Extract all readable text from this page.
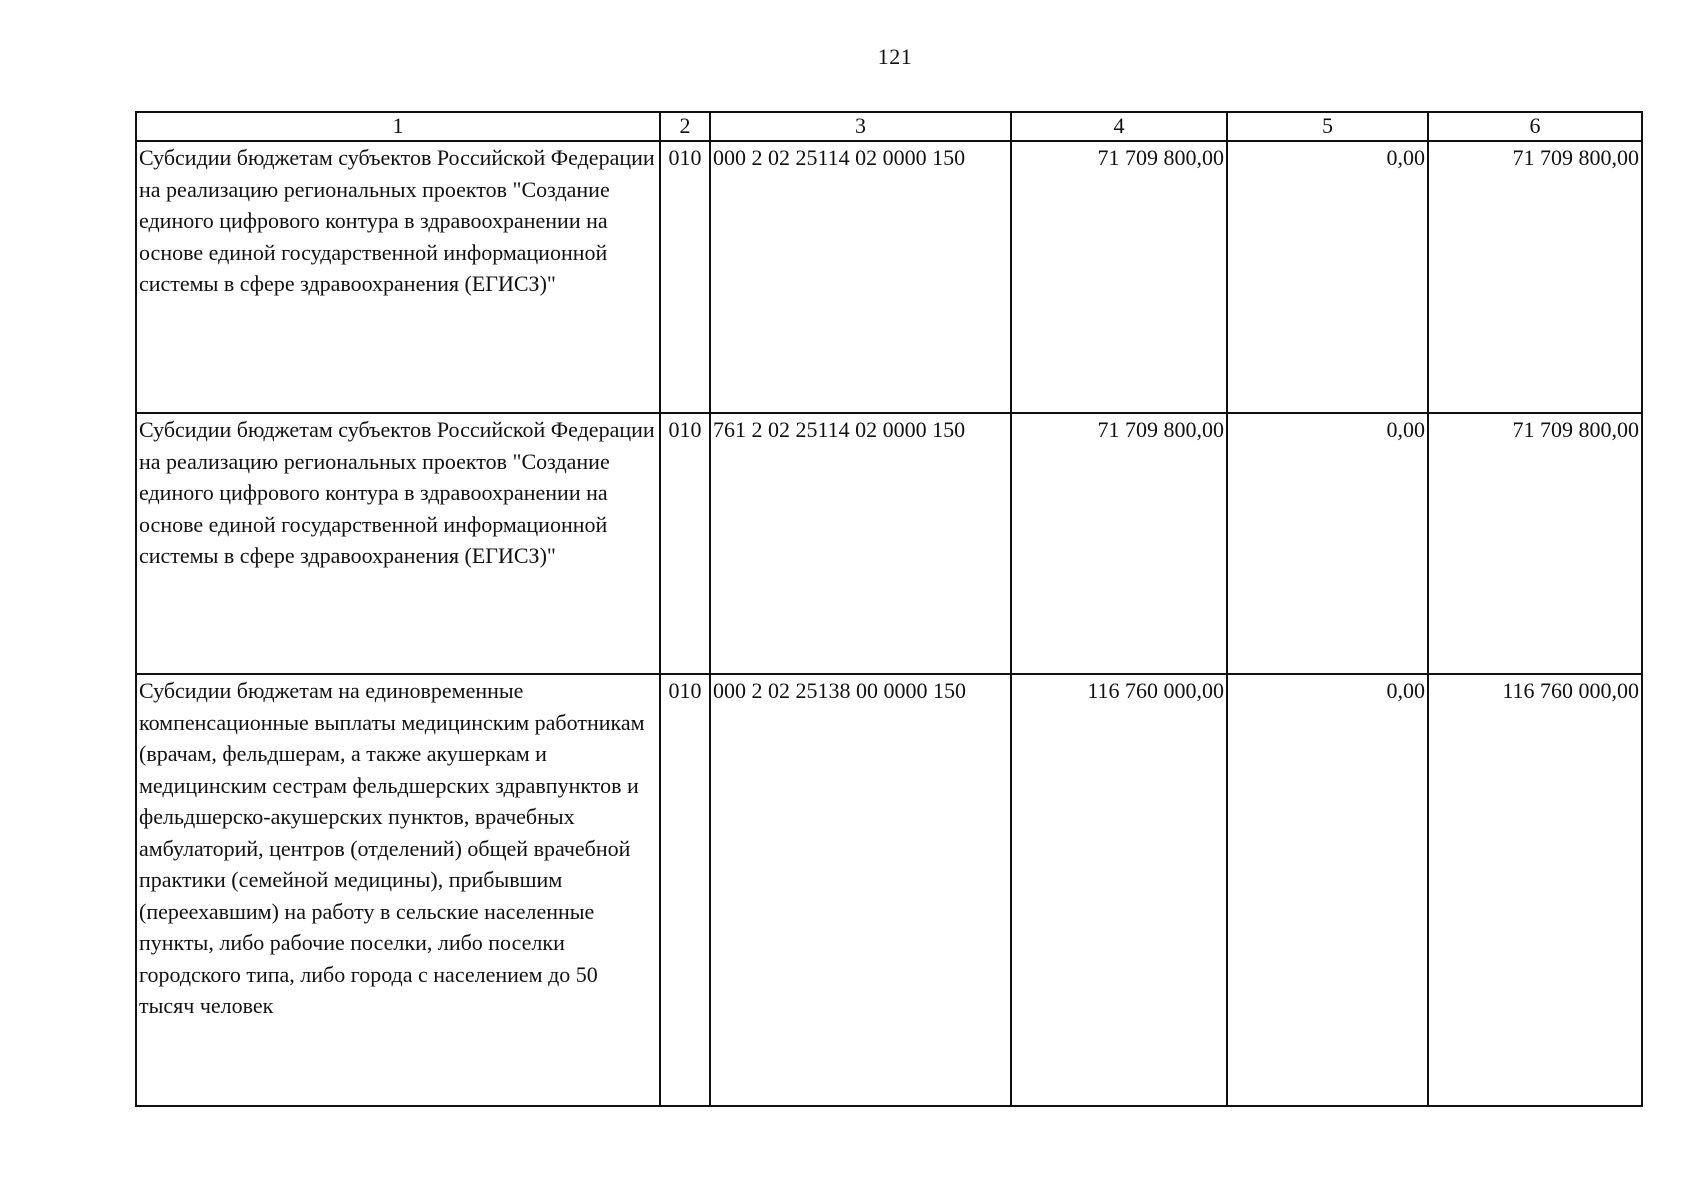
121
1	2	3	4	5	6
Субсидии бюджетам субъектов Российской Федерации на реализацию региональных проектов "Создание единого цифрового контура в здравоохранении на основе единой государственной информационной системы в сфере здравоохранения (ЕГИСЗ)"	010	000 2 02 25114 02 0000 150	71 709 800,00	0,00	71 709 800,00
Субсидии бюджетам субъектов Российской Федерации на реализацию региональных проектов "Создание единого цифрового контура в здравоохранении на основе единой государственной информационной системы в сфере здравоохранения (ЕГИСЗ)"	010	761 2 02 25114 02 0000 150	71 709 800,00	0,00	71 709 800,00
Субсидии бюджетам на единовременные компенсационные выплаты медицинским работникам (врачам, фельдшерам, а также акушеркам и медицинским сестрам фельдшерских здравпунктов и фельдшерско-акушерских пунктов, врачебных амбулаторий, центров (отделений) общей врачебной практики (семейной медицины), прибывшим (переехавшим) на работу в сельские населенные пункты, либо рабочие поселки, либо поселки городского типа, либо города с населением до 50 тысяч человек	010	000 2 02 25138 00 0000 150	116 760 000,00	0,00	116 760 000,00
